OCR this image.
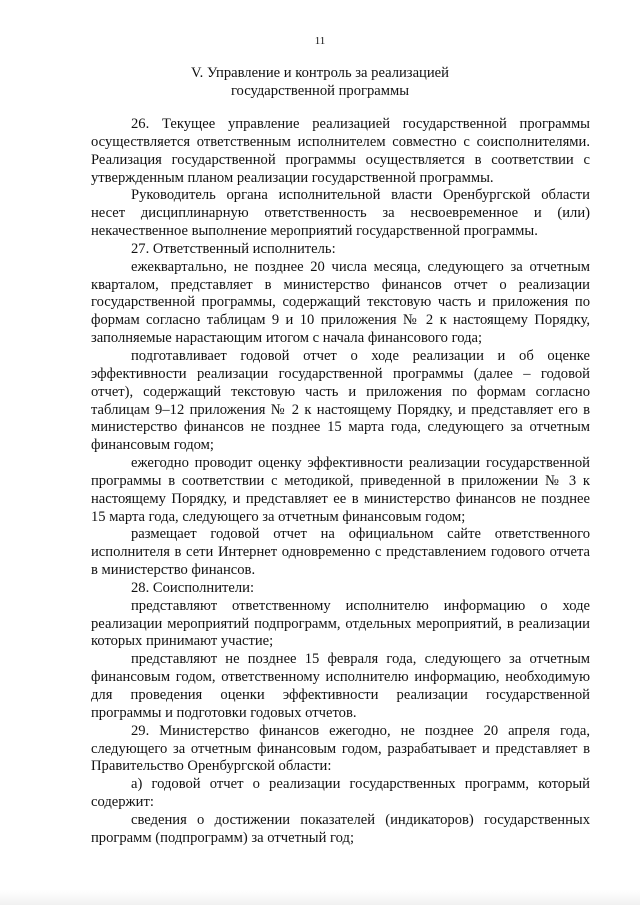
11
V. Управление и контроль за реализацией
государственной программы

26. Текущее управление реализацией государственной программы осуществляется ответственным исполнителем совместно с соисполнителями. Реализация государственной программы осуществляется в соответствии с утвержденным планом реализации государственной программы.

Руководитель органа исполнительной власти Оренбургской области несет дисциплинарную ответственность за несвоевременное и (или) некачественное выполнение мероприятий государственной программы.

27. Ответственный исполнитель:

ежеквартально, не позднее 20 числа месяца, следующего за отчетным кварталом, представляет в министерство финансов отчет о реализации государственной программы, содержащий текстовую часть и приложения по формам согласно таблицам 9 и 10 приложения № 2 к настоящему Порядку, заполняемые нарастающим итогом с начала финансового года;

подготавливает годовой отчет о ходе реализации и об оценке эффективности реализации государственной программы (далее – годовой отчет), содержащий текстовую часть и приложения по формам согласно таблицам 9–12 приложения № 2 к настоящему Порядку, и представляет его в министерство финансов не позднее 15 марта года, следующего за отчетным финансовым годом;

ежегодно проводит оценку эффективности реализации государственной программы в соответствии с методикой, приведенной в приложении № 3 к настоящему Порядку, и представляет ее в министерство финансов не позднее 15 марта года, следующего за отчетным финансовым годом;

размещает годовой отчет на официальном сайте ответственного исполнителя в сети Интернет одновременно с представлением годового отчета в министерство финансов.

28. Соисполнители:

представляют ответственному исполнителю информацию о ходе реализации мероприятий подпрограмм, отдельных мероприятий, в реализации которых принимают участие;

представляют не позднее 15 февраля года, следующего за отчетным финансовым годом, ответственному исполнителю информацию, необходимую для проведения оценки эффективности реализации государственной программы и подготовки годовых отчетов.

29. Министерство финансов ежегодно, не позднее 20 апреля года, следующего за отчетным финансовым годом, разрабатывает и представляет в Правительство Оренбургской области:

а) годовой отчет о реализации государственных программ, который содержит:

сведения о достижении показателей (индикаторов) государственных программ (подпрограмм) за отчетный год;
